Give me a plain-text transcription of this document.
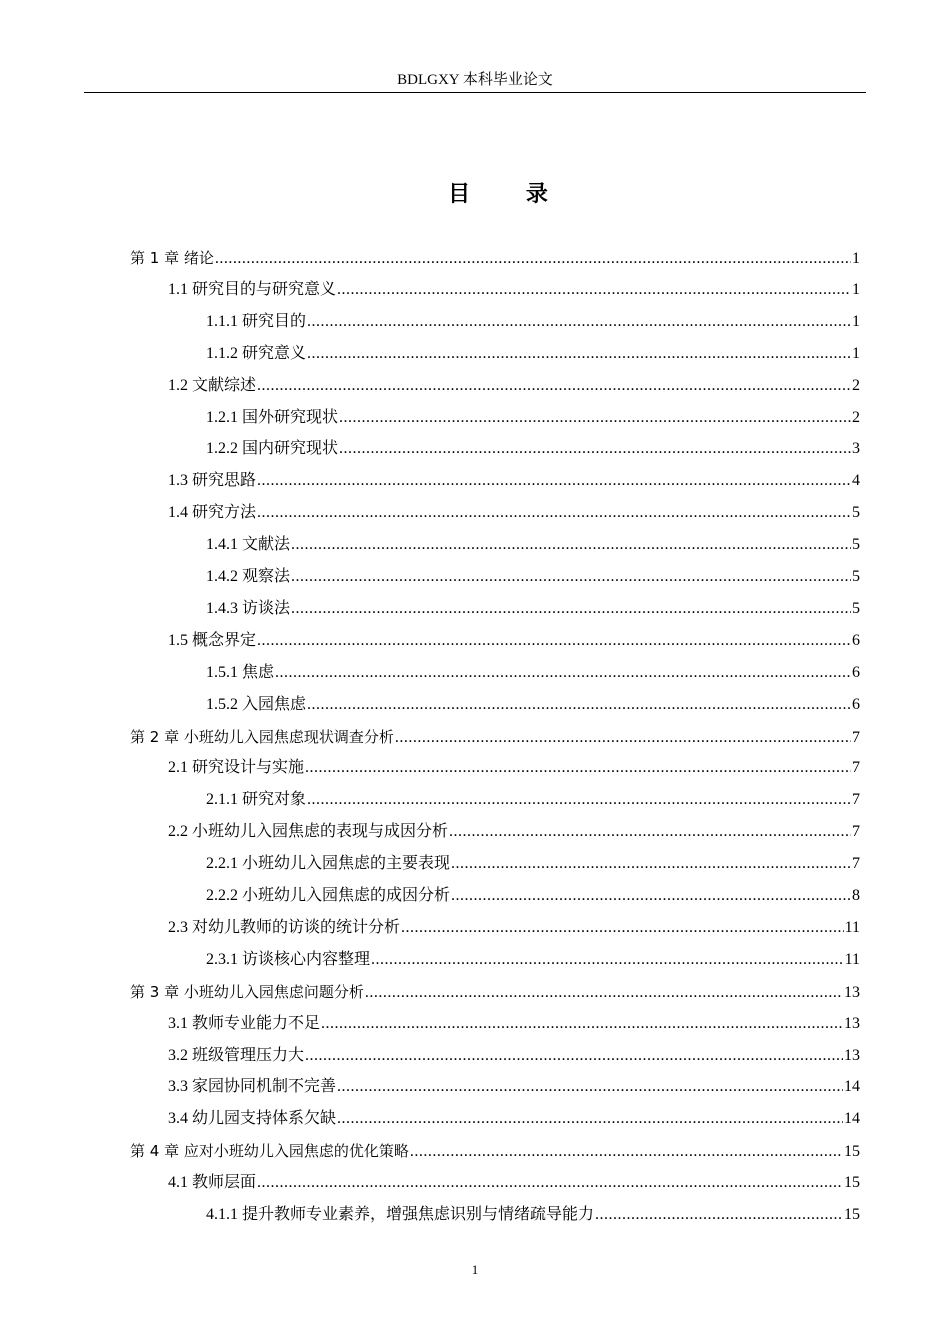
BDLGXY 本科毕业论文
目 录
第 1 章 绪论 .....	1
1.1 研究目的与研究意义 .....	1
1.1.1 研究目的 .....	1
1.1.2 研究意义 .....	1
1.2 文献综述 .....	2
1.2.1 国外研究现状 .....	2
1.2.2 国内研究现状 .....	3
1.3 研究思路 .....	4
1.4 研究方法 .....	5
1.4.1 文献法 .....	5
1.4.2 观察法 .....	5
1.4.3 访谈法 .....	5
1.5 概念界定 .....	6
1.5.1 焦虑 .....	6
1.5.2 入园焦虑 .....	6
第 2 章 小班幼儿入园焦虑现状调查分析 .....	7
2.1 研究设计与实施 .....	7
2.1.1 研究对象 .....	7
2.2 小班幼儿入园焦虑的表现与成因分析 .....	7
2.2.1 小班幼儿入园焦虑的主要表现 .....	7
2.2.2 小班幼儿入园焦虑的成因分析 .....	8
2.3 对幼儿教师的访谈的统计分析 .....	11
2.3.1 访谈核心内容整理 .....	11
第 3 章 小班幼儿入园焦虑问题分析 .....	13
3.1 教师专业能力不足 .....	13
3.2 班级管理压力大 .....	13
3.3 家园协同机制不完善 .....	14
3.4 幼儿园支持体系欠缺 .....	14
第 4 章 应对小班幼儿入园焦虑的优化策略 .....	15
4.1 教师层面 .....	15
4.1.1 提升教师专业素养，增强焦虑识别与情绪疏导能力 .....	15
1
